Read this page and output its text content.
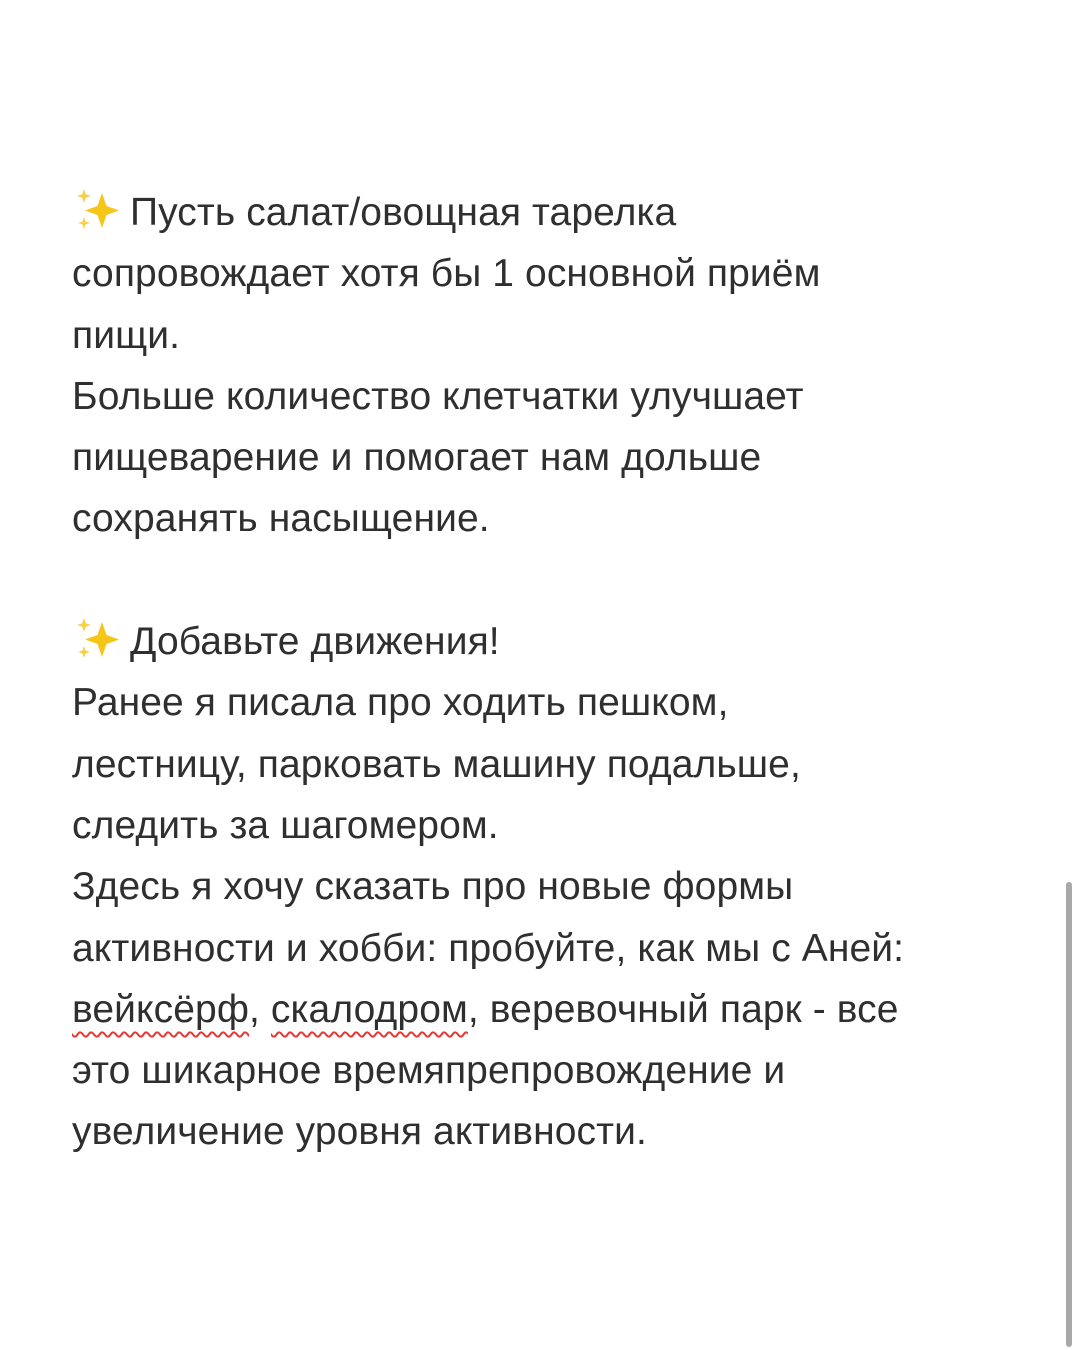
Пусть салат/овощная тарелка
сопровождает хотя бы 1 основной приём
пищи.
Больше количество клетчатки улучшает
пищеварение и помогает нам дольше
сохранять насыщение.

Добавьте движения!
Ранее я писала про ходить пешком,
лестницу, парковать машину подальше,
следить за шагомером.
Здесь я хочу сказать про новые формы
активности и хобби: пробуйте, как мы с Аней:
вейксёрф, скалодром, веревочный парк - все
это шикарное времяпрепровождение и
увеличение уровня активности.
